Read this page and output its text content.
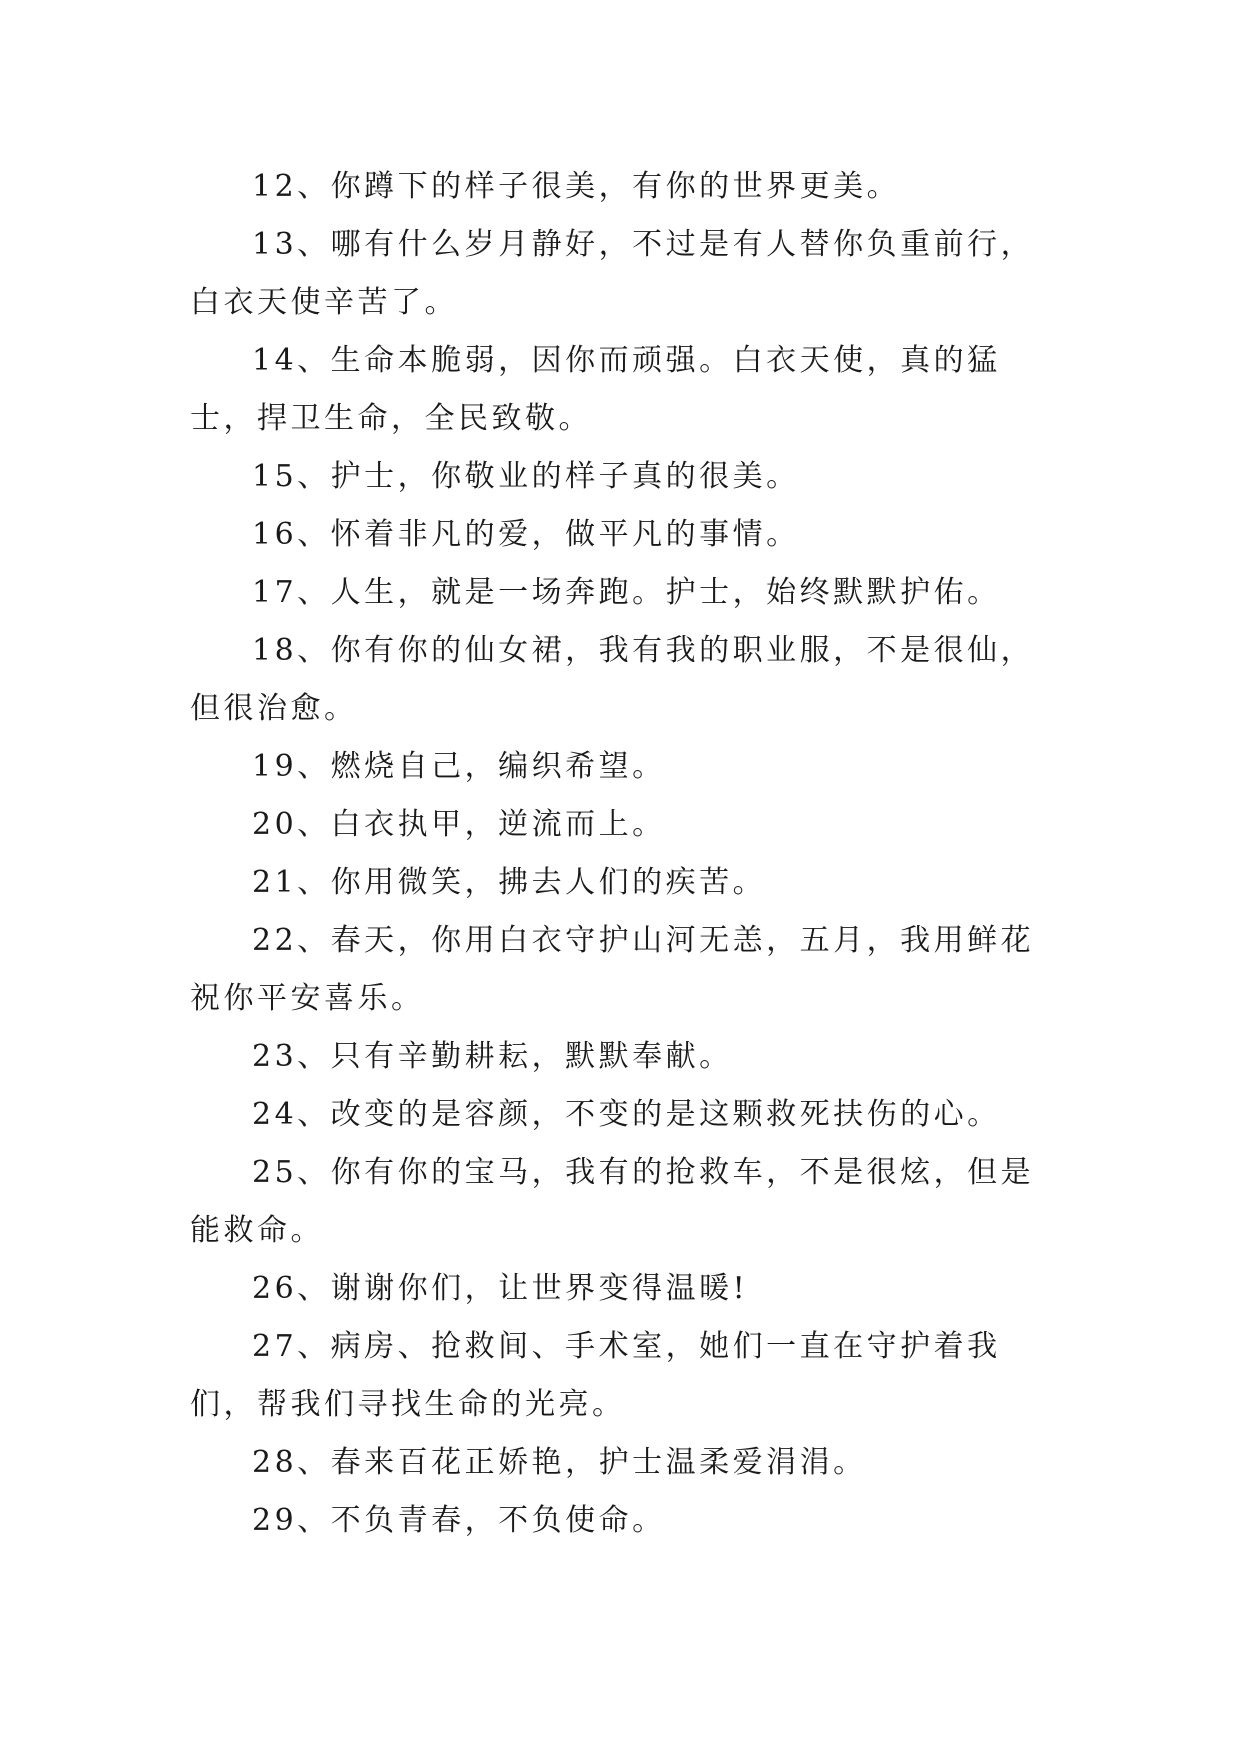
12、你蹲下的样子很美，有你的世界更美。

13、哪有什么岁月静好，不过是有人替你负重前行，白衣天使辛苦了。

14、生命本脆弱，因你而顽强。白衣天使，真的猛士，捍卫生命，全民致敬。

15、护士，你敬业的样子真的很美。

16、怀着非凡的爱，做平凡的事情。

17、人生，就是一场奔跑。护士，始终默默护佑。

18、你有你的仙女裙，我有我的职业服，不是很仙，但很治愈。

19、燃烧自己，编织希望。

20、白衣执甲，逆流而上。

21、你用微笑，拂去人们的疾苦。

22、春天，你用白衣守护山河无恙，五月，我用鲜花祝你平安喜乐。

23、只有辛勤耕耘，默默奉献。

24、改变的是容颜，不变的是这颗救死扶伤的心。

25、你有你的宝马，我有的抢救车，不是很炫，但是能救命。

26、谢谢你们，让世界变得温暖!

27、病房、抢救间、手术室，她们一直在守护着我们，帮我们寻找生命的光亮。

28、春来百花正娇艳，护士温柔爱涓涓。

29、不负青春，不负使命。
